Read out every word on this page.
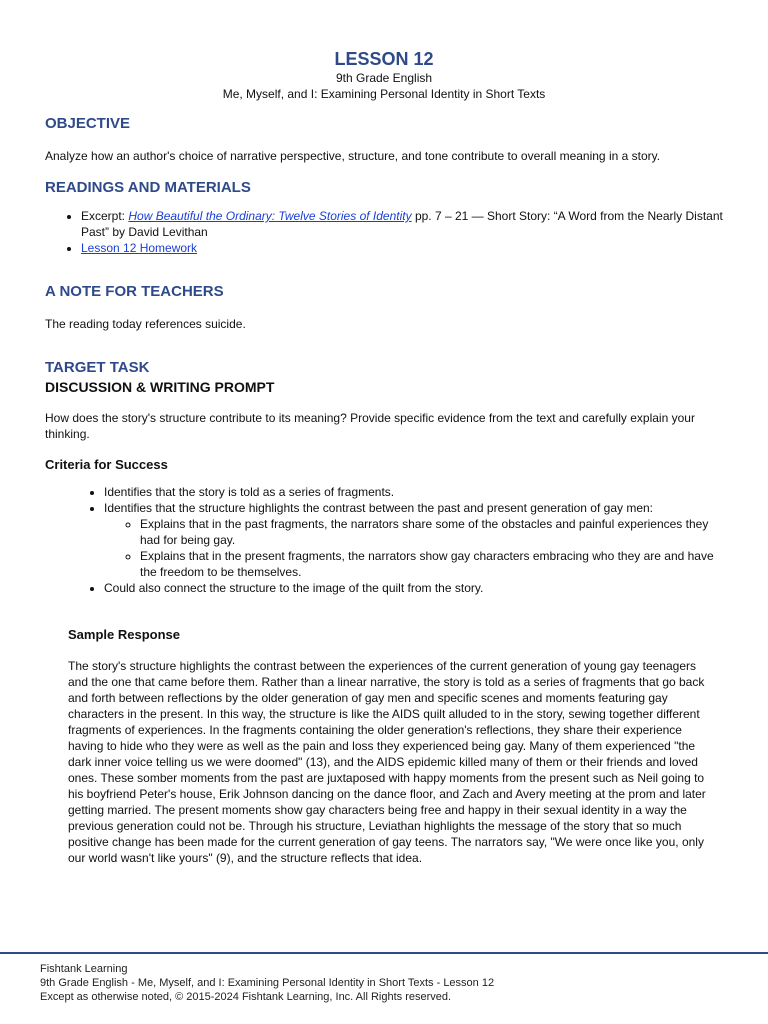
LESSON 12

9th Grade English

Me, Myself, and I: Examining Personal Identity in Short Texts

OBJECTIVE

Analyze how an author's choice of narrative perspective, structure, and tone contribute to overall meaning in a story.

READINGS AND MATERIALS
• Excerpt: How Beautiful the Ordinary: Twelve Stories of Identity pp. 7 – 21 — Short Story: “A Word from the Nearly Distant Past” by David Levithan
• Lesson 12 Homework
A NOTE FOR TEACHERS

The reading today references suicide.

TARGET TASK
DISCUSSION & WRITING PROMPT

How does the story's structure contribute to its meaning? Provide specific evidence from the text and carefully explain your thinking.

Criteria for Success
• Identifies that the story is told as a series of fragments.
• Identifies that the structure highlights the contrast between the past and present generation of gay men:
◦ Explains that in the past fragments, the narrators share some of the obstacles and painful experiences they had for being gay.
◦ Explains that in the present fragments, the narrators show gay characters embracing who they are and have the freedom to be themselves.
• Could also connect the structure to the image of the quilt from the story.
Sample Response

The story's structure highlights the contrast between the experiences of the current generation of young gay teenagers and the one that came before them. Rather than a linear narrative, the story is told as a series of fragments that go back and forth between reflections by the older generation of gay men and specific scenes and moments featuring gay characters in the present. In this way, the structure is like the AIDS quilt alluded to in the story, sewing together different fragments of experiences. In the fragments containing the older generation's reflections, they share their experience having to hide who they were as well as the pain and loss they experienced being gay. Many of them experienced "the dark inner voice telling us we were doomed" (13), and the AIDS epidemic killed many of them or their friends and loved ones. These somber moments from the past are juxtaposed with happy moments from the present such as Neil going to his boyfriend Peter's house, Erik Johnson dancing on the dance floor, and Zach and Avery meeting at the prom and later getting married. The present moments show gay characters being free and happy in their sexual identity in a way the previous generation could not be. Through his structure, Leviathan highlights the message of the story that so much positive change has been made for the current generation of gay teens. The narrators say, "We were once like you, only our world wasn't like yours" (9), and the structure reflects that idea.

Fishtank Learning
9th Grade English - Me, Myself, and I: Examining Personal Identity in Short Texts - Lesson 12
Except as otherwise noted, © 2015-2024 Fishtank Learning, Inc. All Rights reserved.
